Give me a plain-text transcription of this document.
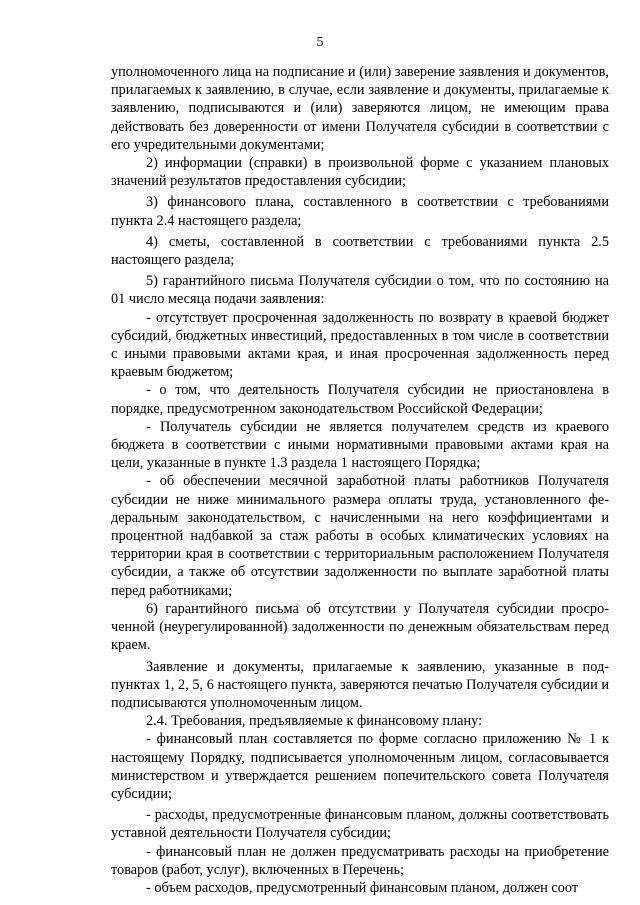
5

уполномоченного лица на подписание и (или) заверение заявления и документов, прилагаемых к заявлению, в случае, если заявление и документы, прилагаемые к заявлению, подписываются и (или) заверяются лицом, не имеющим права действовать без доверенности от имени Получателя субсидии в соответствии с его учредительными документами;

2) информации (справки) в произвольной форме с указанием плановых значений результатов предоставления субсидии;

3) финансового плана, составленного в соответствии с требованиями пункта 2.4 настоящего раздела;

4) сметы, составленной в соответствии с требованиями пункта 2.5 настоящего раздела;

5) гарантийного письма Получателя субсидии о том, что по состоянию на 01 число месяца подачи заявления:

- отсутствует просроченная задолженность по возврату в краевой бюджет субсидий, бюджетных инвестиций, предоставленных в том числе в соответствии с иными правовыми актами края, и иная просроченная задолженность перед краевым бюджетом;

- о том, что деятельность Получателя субсидии не приостановлена в порядке, предусмотренном законодательством Российской Федерации;

- Получатель субсидии не является получателем средств из краевого бюджета в соответствии с иными нормативными правовыми актами края на цели, указанные в пункте 1.3 раздела 1 настоящего Порядка;

- об обеспечении месячной заработной платы работников Получателя субсидии не ниже минимального размера оплаты труда, установленного федеральным законодательством, с начисленными на него коэффициентами и процентной надбавкой за стаж работы в особых климатических условиях на территории края в соответствии с территориальным расположением Получателя субсидии, а также об отсутствии задолженности по выплате заработной платы перед работниками;

6) гарантийного письма об отсутствии у Получателя субсидии просроченной (неурегулированной) задолженности по денежным обязательствам перед краем.

Заявление и документы, прилагаемые к заявлению, указанные в подпунктах 1, 2, 5, 6 настоящего пункта, заверяются печатью Получателя субсидии и подписываются уполномоченным лицом.

2.4. Требования, предъявляемые к финансовому плану:

- финансовый план составляется по форме согласно приложению № 1 к настоящему Порядку, подписывается уполномоченным лицом, согласовывается министерством и утверждается решением попечительского совета Получателя субсидии;

- расходы, предусмотренные финансовым планом, должны соответствовать уставной деятельности Получателя субсидии;

- финансовый план не должен предусматривать расходы на приобретение товаров (работ, услуг), включенных в Перечень;

- объем расходов, предусмотренный финансовым планом, должен соот
